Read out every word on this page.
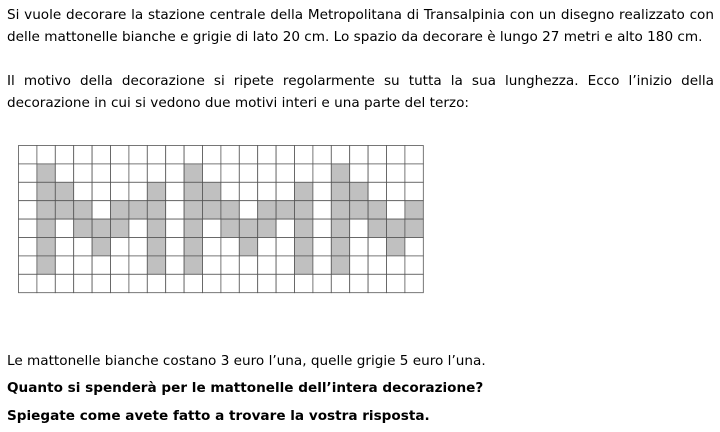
Si vuole decorare la stazione centrale della Metropolitana di Transalpinia con un disegno realizzato con delle mattonelle bianche e grigie di lato 20 cm. Lo spazio da decorare è lungo 27 metri e alto 180 cm.

Il motivo della decorazione si ripete regolarmente su tutta la sua lunghezza. Ecco l’inizio della decorazione in cui si vedono due motivi interi e una parte del terzo:

Le mattonelle bianche costano 3 euro l’una, quelle grigie 5 euro l’una.

Quanto si spenderà per le mattonelle dell’intera decorazione?

Spiegate come avete fatto a trovare la vostra risposta.
